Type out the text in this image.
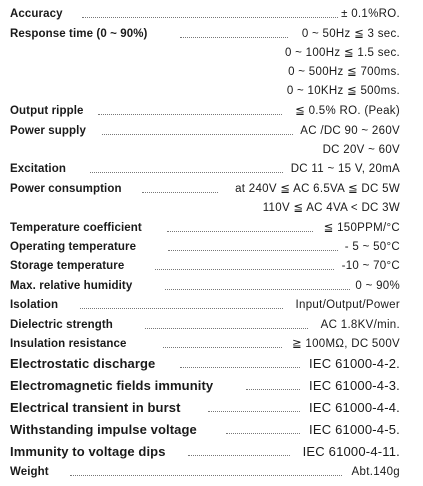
Accuracy	± 0.1%RO.
Response time (0 ~ 90%)	0 ~ 50Hz ≦ 3 sec.
0 ~ 100Hz ≦ 1.5 sec.
0 ~ 500Hz ≦ 700ms.
0 ~ 10KHz ≦ 500ms.
Output ripple	≦ 0.5% RO. (Peak)
Power supply	AC /DC 90 ~ 260V
DC 20V ~ 60V
Excitation	DC 11 ~ 15 V, 20mA
Power consumption	at 240V ≦ AC 6.5VA ≦ DC 5W
110V ≦ AC 4VA < DC 3W
Temperature coefficient	≦ 150PPM/°C
Operating temperature	- 5 ~ 50°C
Storage temperature	-10 ~ 70°C
Max. relative humidity	0 ~ 90%
Isolation	Input/Output/Power
Dielectric strength	AC 1.8KV/min.
Insulation resistance	≧ 100MΩ, DC 500V
Electrostatic discharge	IEC 61000-4-2.
Electromagnetic fields immunity	IEC 61000-4-3.
Electrical transient in burst	IEC 61000-4-4.
Withstanding impulse voltage	IEC 61000-4-5.
Immunity to voltage dips	IEC 61000-4-11.
Weight	Abt.140g
